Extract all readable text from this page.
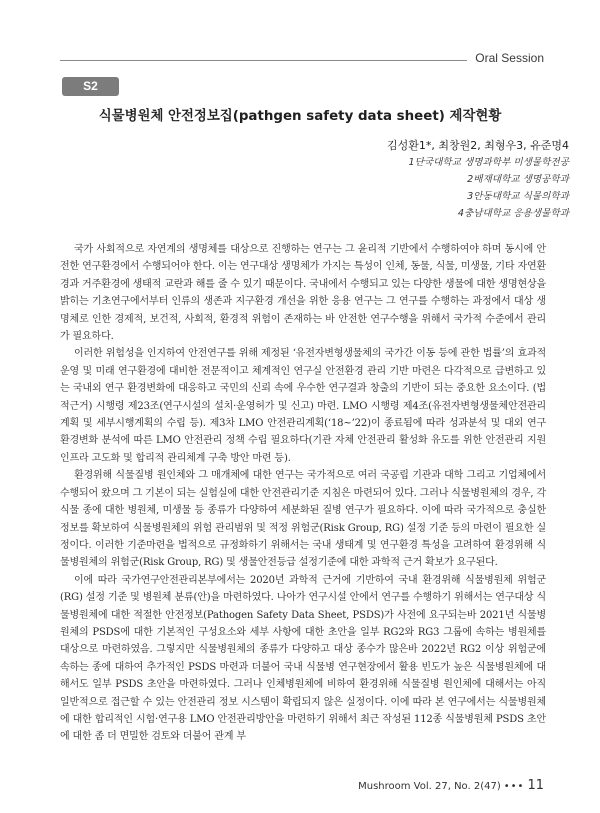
Oral Session
S2
식물병원체 안전정보집(pathgen safety data sheet) 제작현황
김성환1*, 최창원2, 최형우3, 유준명4
1단국대학교 생명과학부 미생물학전공
2배재대학교 생명공학과
3안동대학교 식물의학과
4충남대학교 응용생물학과

국가 사회적으로 자연계의 생명체를 대상으로 진행하는 연구는 그 윤리적 기반에서 수행하여야 하며 동시에 안전한 연구환경에서 수행되어야 한다. 이는 연구대상 생명체가 가지는 특성이 인체, 동물, 식물, 미생물, 기타 자연환경과 거주환경에 생태적 교란과 해를 줄 수 있기 때문이다. 국내에서 수행되고 있는 다양한 생물에 대한 생명현상을 밝히는 기초연구에서부터 인류의 생존과 지구환경 개선을 위한 응용 연구는 그 연구를 수행하는 과정에서 대상 생명체로 인한 경제적, 보건적, 사회적, 환경적 위험이 존재하는 바 안전한 연구수행을 위해서 국가적 수준에서 관리가 필요하다.

이러한 위험성을 인지하여 안전연구를 위해 제정된 ‘유전자변형생물체의 국가간 이동 등에 관한 법률’의 효과적 운영 및 미래 연구환경에 대비한 전문적이고 체계적인 연구실 안전환경 관리 기반 마련은 다각적으로 급변하고 있는 국내외 연구 환경변화에 대응하고 국민의 신뢰 속에 우수한 연구결과 창출의 기반이 되는 중요한 요소이다. (법적근거) 시행령 제23조(연구시설의 설치·운영허가 및 신고) 마련. LMO 시행령 제4조(유전자변형생물체안전관리계획 및 세부시행계획의 수립 등). 제3차 LMO 안전관리계획(‘18~’22)이 종료됨에 따라 성과분석 및 대외 연구 환경변화 분석에 따른 LMO 안전관리 정책 수립 필요하다(기관 자체 안전관리 활성화 유도를 위한 안전관리 지원 인프라 고도화 및 합리적 관리체계 구축 방안 마련 등).

환경위해 식물질병 원인체와 그 매개체에 대한 연구는 국가적으로 여러 국공립 기관과 대학 그리고 기업체에서 수행되어 왔으며 그 기본이 되는 실험실에 대한 안전관리기준 지침은 마련되어 있다. 그러나 식물병원체의 경우, 각 식물 종에 대한 병원체, 미생물 등 종류가 다양하여 세분화된 질병 연구가 필요하다. 이에 따라 국가적으로 충실한 정보를 확보하여 식물병원체의 위험 관리범위 및 적정 위험군(Risk Group, RG) 설정 기준 등의 마련이 필요한 실정이다. 이러한 기준마련을 법적으로 규정화하기 위해서는 국내 생태계 및 연구환경 특성을 고려하여 환경위해 식물병원체의 위험군(Risk Group, RG) 및 생물안전등급 설정기준에 대한 과학적 근거 확보가 요구된다.

이에 따라 국가연구안전관리본부에서는 2020년 과학적 근거에 기반하여 국내 환경위해 식물병원체 위험군(RG) 설정 기준 및 병원체 분류(안)을 마련하였다. 나아가 연구시설 안에서 연구를 수행하기 위해서는 연구대상 식물병원체에 대한 적절한 안전정보(Pathogen Safety Data Sheet, PSDS)가 사전에 요구되는바 2021년 식물병원체의 PSDS에 대한 기본적인 구성요소와 세부 사항에 대한 초안을 일부 RG2와 RG3 그룹에 속하는 병원체를 대상으로 마련하였음. 그렇지만 식물병원체의 종류가 다양하고 대상 종수가 많은바 2022년 RG2 이상 위험군에 속하는 종에 대하여 추가적인 PSDS 마련과 더불어 국내 식물병 연구현장에서 활용 빈도가 높은 식물병원체에 대해서도 일부 PSDS 초안을 마련하였다. 그러나 인체병원체에 비하여 환경위해 식물질병 원인체에 대해서는 아직 일반적으로 접근할 수 있는 안전관리 정보 시스템이 확립되지 않은 실정이다. 이에 따라 본 연구에서는 식물병원체에 대한 합리적인 시험·연구용 LMO 안전관리방안을 마련하기 위해서 최근 작성된 112종 식물병원체 PSDS 초안에 대한 좀 더 면밀한 검토와 더불어 관계 부

Mushroom Vol. 27, No. 2(47) ••• 11
